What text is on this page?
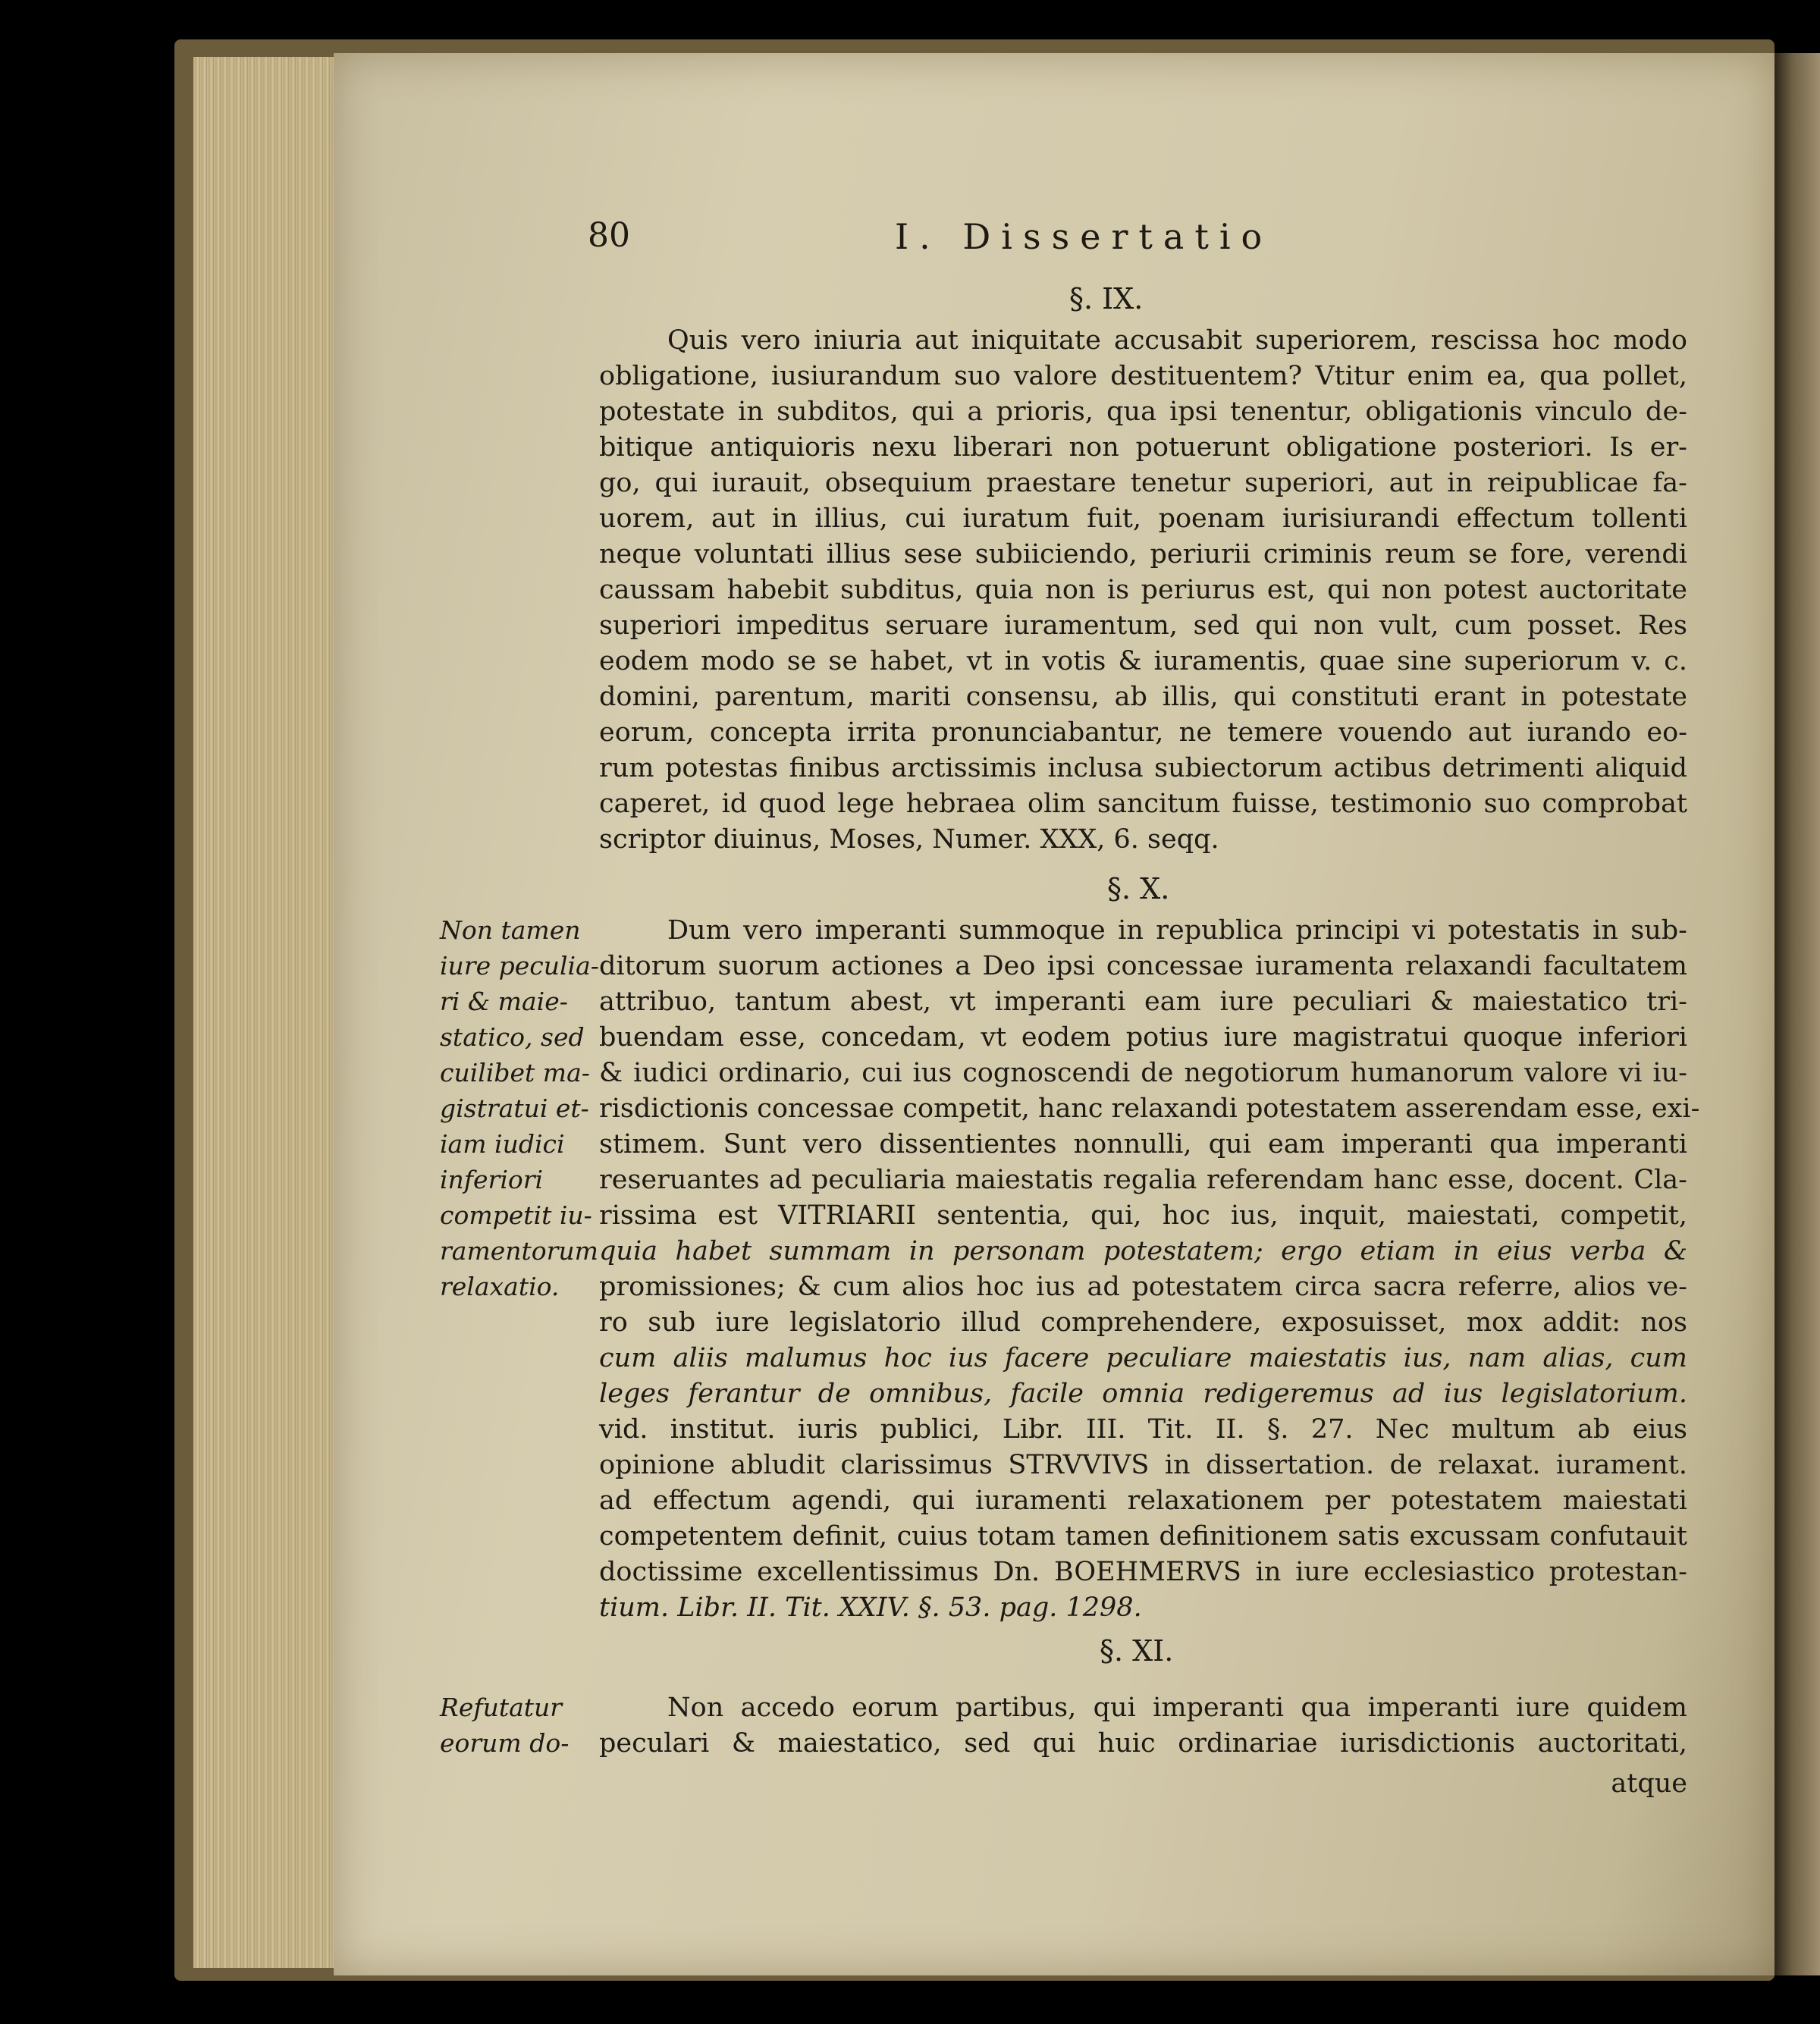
80	I. Dissertatio
§. IX.
Quis vero iniuria aut iniquitate accusabit superiorem, rescissa hoc modo
obligatione, iusiurandum suo valore destituentem? Vtitur enim ea, qua pollet,
potestate in subditos, qui a prioris, qua ipsi tenentur, obligationis vinculo de-
bitique antiquioris nexu liberari non potuerunt obligatione posteriori. Is er-
go, qui iurauit, obsequium praestare tenetur superiori, aut in reipublicae fa-
uorem, aut in illius, cui iuratum fuit, poenam iurisiurandi effectum tollenti
neque voluntati illius sese subiiciendo, periurii criminis reum se fore, verendi
caussam habebit subditus, quia non is periurus est, qui non potest auctoritate
superiori impeditus seruare iuramentum, sed qui non vult, cum posset. Res
eodem modo se se habet, vt in votis & iuramentis, quae sine superiorum v. c.
domini, parentum, mariti consensu, ab illis, qui constituti erant in potestate
eorum, concepta irrita pronunciabantur, ne temere vouendo aut iurando eo-
rum potestas finibus arctissimis inclusa subiectorum actibus detrimenti aliquid
caperet, id quod lege hebraea olim sancitum fuisse, testimonio suo comprobat
scriptor diuinus, Moses, Numer. XXX, 6. seqq.
§. X.
Non tamen
iure peculia-
ri & maie-
statico, sed
cuilibet ma-
gistratui et-
iam iudici
inferiori
competit iu-
ramentorum
relaxatio.
Dum vero imperanti summoque in republica principi vi potestatis in sub-
ditorum suorum actiones a Deo ipsi concessae iuramenta relaxandi facultatem
attribuo, tantum abest, vt imperanti eam iure peculiari & maiestatico tri-
buendam esse, concedam, vt eodem potius iure magistratui quoque inferiori
& iudici ordinario, cui ius cognoscendi de negotiorum humanorum valore vi iu-
risdictionis concessae competit, hanc relaxandi potestatem asserendam esse, exi-
stimem. Sunt vero dissentientes nonnulli, qui eam imperanti qua imperanti
reseruantes ad peculiaria maiestatis regalia referendam hanc esse, docent. Cla-
rissima est VITRIARII sententia, qui, hoc ius, inquit, maiestati, competit,
quia habet summam in personam potestatem; ergo etiam in eius verba &
promissiones; & cum alios hoc ius ad potestatem circa sacra referre, alios ve-
ro sub iure legislatorio illud comprehendere, exposuisset, mox addit: nos
cum aliis malumus hoc ius facere peculiare maiestatis ius, nam alias, cum
leges ferantur de omnibus, facile omnia redigeremus ad ius legislatorium.
vid. institut. iuris publici, Libr. III. Tit. II. §. 27. Nec multum ab eius
opinione abludit clarissimus STRVVIVS in dissertation. de relaxat. iurament.
ad effectum agendi, qui iuramenti relaxationem per potestatem maiestati
competentem definit, cuius totam tamen definitionem satis excussam confutauit
doctissime excellentissimus Dn. BOEHMERVS in iure ecclesiastico protestan-
tium. Libr. II. Tit. XXIV. §. 53. pag. 1298.
§. XI.
Refutatur
eorum do-
Non accedo eorum partibus, qui imperanti qua imperanti iure quidem
peculari & maiestatico, sed qui huic ordinariae iurisdictionis auctoritati,
atque
